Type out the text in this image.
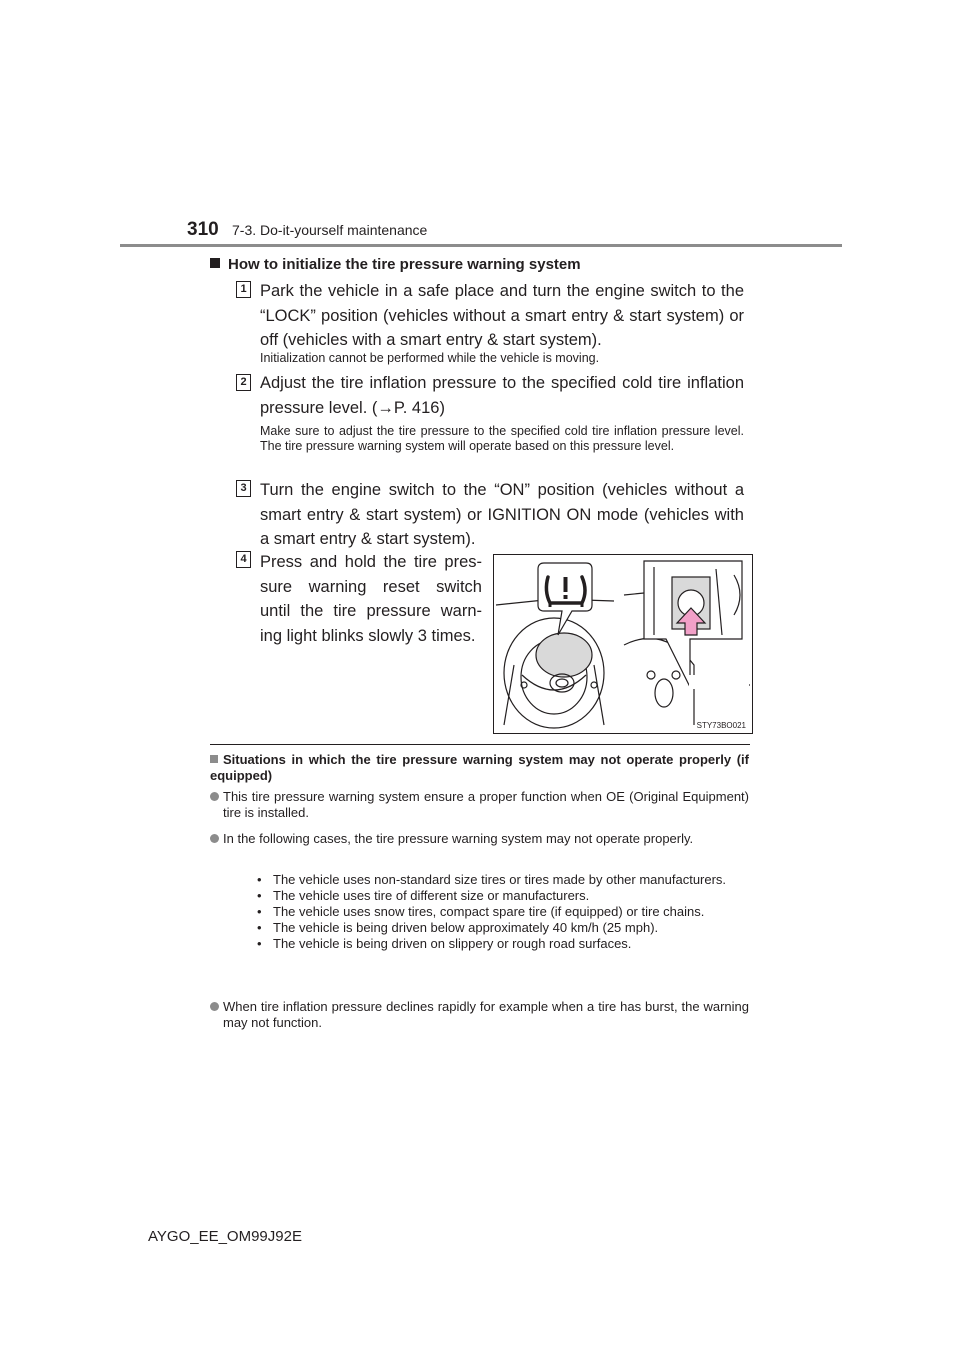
310 7-3. Do-it-yourself maintenance
How to initialize the tire pressure warning system
1 Park the vehicle in a safe place and turn the engine switch to the “LOCK” position (vehicles without a smart entry & start system) or off (vehicles with a smart entry & start system).
Initialization cannot be performed while the vehicle is moving.
2 Adjust the tire inflation pressure to the specified cold tire inflation pressure level. (→P. 416)
Make sure to adjust the tire pressure to the specified cold tire inflation pressure level. The tire pressure warning system will operate based on this pressure level.
3 Turn the engine switch to the “ON” position (vehicles without a smart entry & start system) or IGNITION ON mode (vehicles with a smart entry & start system).
4 Press and hold the tire pres-
sure warning reset switch
until the tire pressure warn-
ing light blinks slowly 3 times.
STY73BO021
Situations in which the tire pressure warning system may not operate properly (if equipped)
This tire pressure warning system ensure a proper function when OE (Original Equipment) tire is installed.
In the following cases, the tire pressure warning system may not operate properly.
• The vehicle uses non-standard size tires or tires made by other manufacturers.
• The vehicle uses tire of different size or manufacturers.
• The vehicle uses snow tires, compact spare tire (if equipped) or tire chains.
• The vehicle is being driven below approximately 40 km/h (25 mph).
• The vehicle is being driven on slippery or rough road surfaces.
When tire inflation pressure declines rapidly for example when a tire has burst, the warning may not function.
AYGO_EE_OM99J92E
